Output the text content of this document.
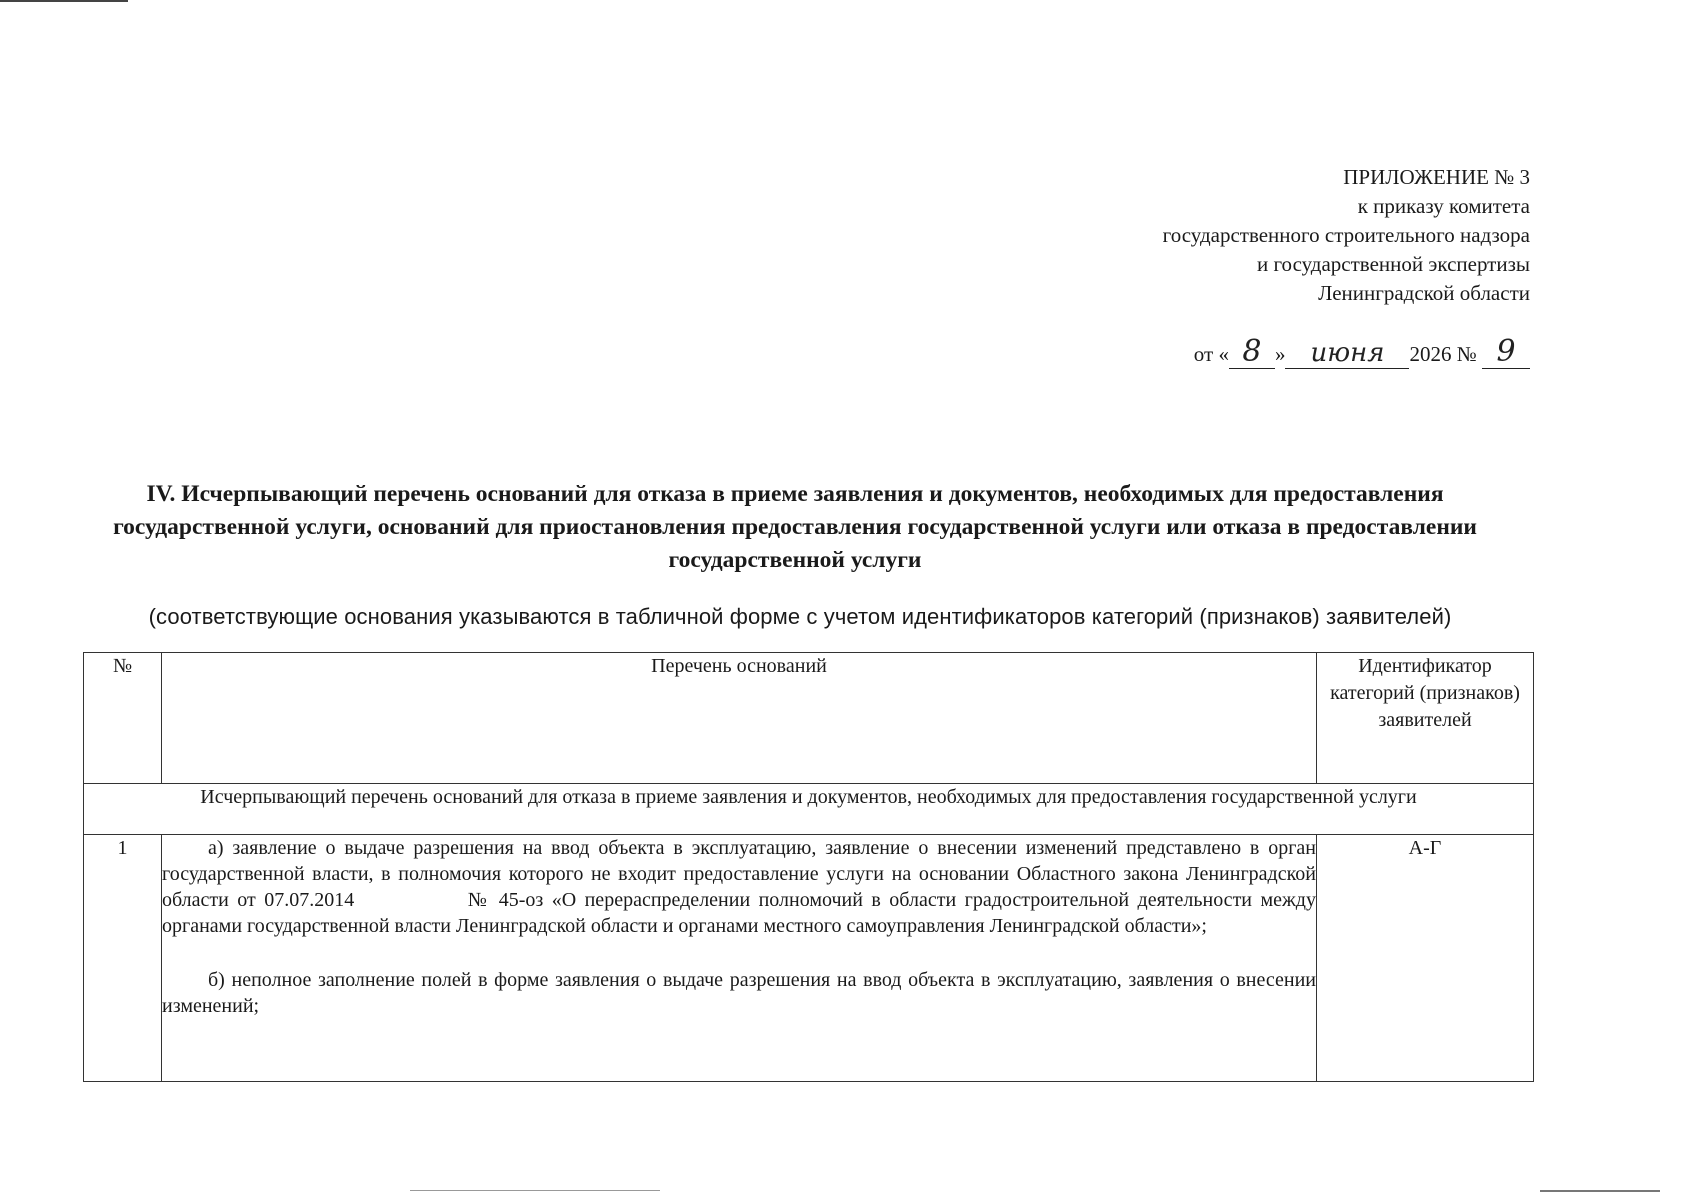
ПРИЛОЖЕНИЕ № 3
к приказу комитета
государственного строительного надзора
и государственной экспертизы
Ленинградской области
от « 8 » июня 2026 № 9
IV. Исчерпывающий перечень оснований для отказа в приеме заявления и документов, необходимых для предоставления государственной услуги, оснований для приостановления предоставления государственной услуги или отказа в предоставлении государственной услуги
(соответствующие основания указываются в табличной форме с учетом идентификаторов категорий (признаков) заявителей)
№	Перечень оснований	Идентификатор категорий (признаков) заявителей
Исчерпывающий перечень оснований для отказа в приеме заявления и документов, необходимых для предоставления государственной услуги		
1	а) заявление о выдаче разрешения на ввод объекта в эксплуатацию, заявление о внесении изменений представлено в орган государственной власти, в полномочия которого не входит предоставление услуги на основании Областного закона Ленинградской области от 07.07.2014 № 45-оз «О перераспределении полномочий в области градостроительной деятельности между органами государственной власти Ленинградской области и органами местного самоуправления Ленинградской области»;

б) неполное заполнение полей в форме заявления о выдаче разрешения на ввод объекта в эксплуатацию, заявления о внесении изменений;	А-Г
